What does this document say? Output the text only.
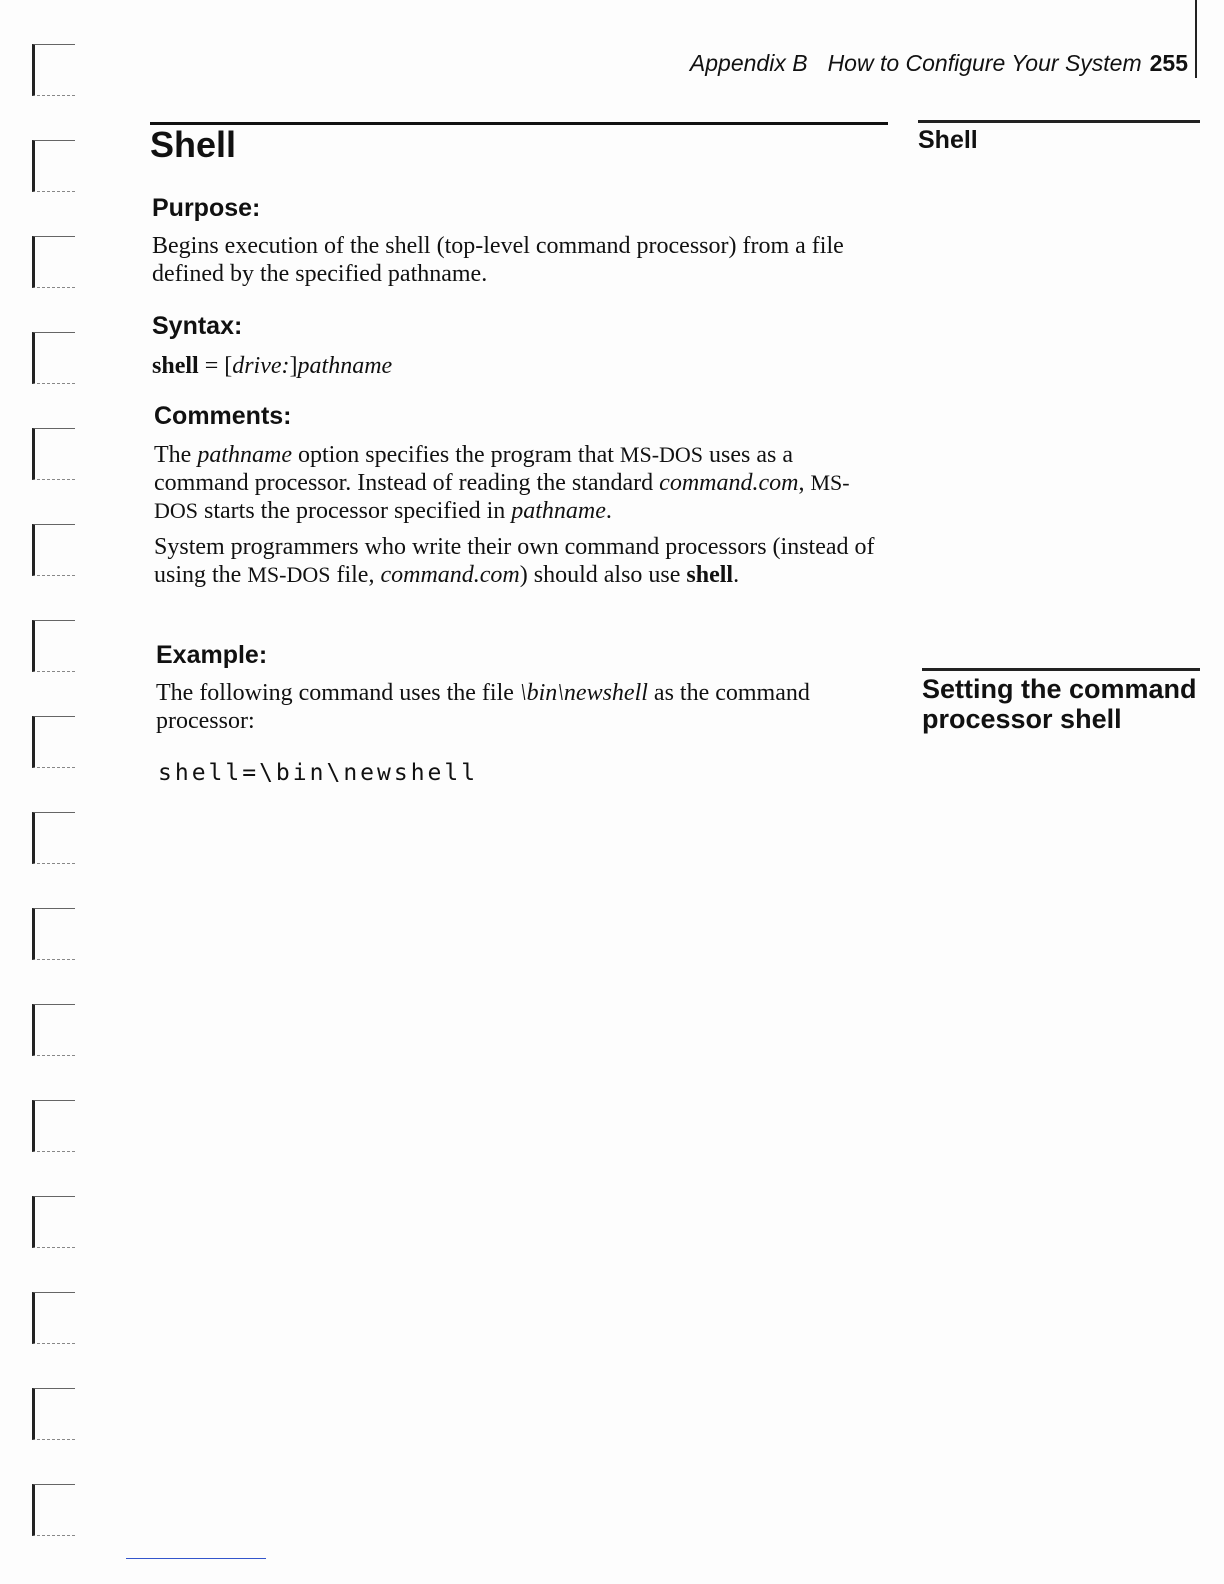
Appendix B How to Configure Your System 255
Shell	Shell
Setting the command processor shell
Purpose:

Begins execution of the shell (top-level command processor) from a file defined by the specified pathname.

Syntax:

shell = [drive:]pathname

Comments:

The pathname option specifies the program that MS-DOS uses as a command processor. Instead of reading the standard command.com, MS-DOS starts the processor specified in pathname.

System programmers who write their own command processors (instead of using the MS-DOS file, command.com) should also use shell.

Example:

The following command uses the file \bin\newshell as the command processor:

shell=\bin\newshell
